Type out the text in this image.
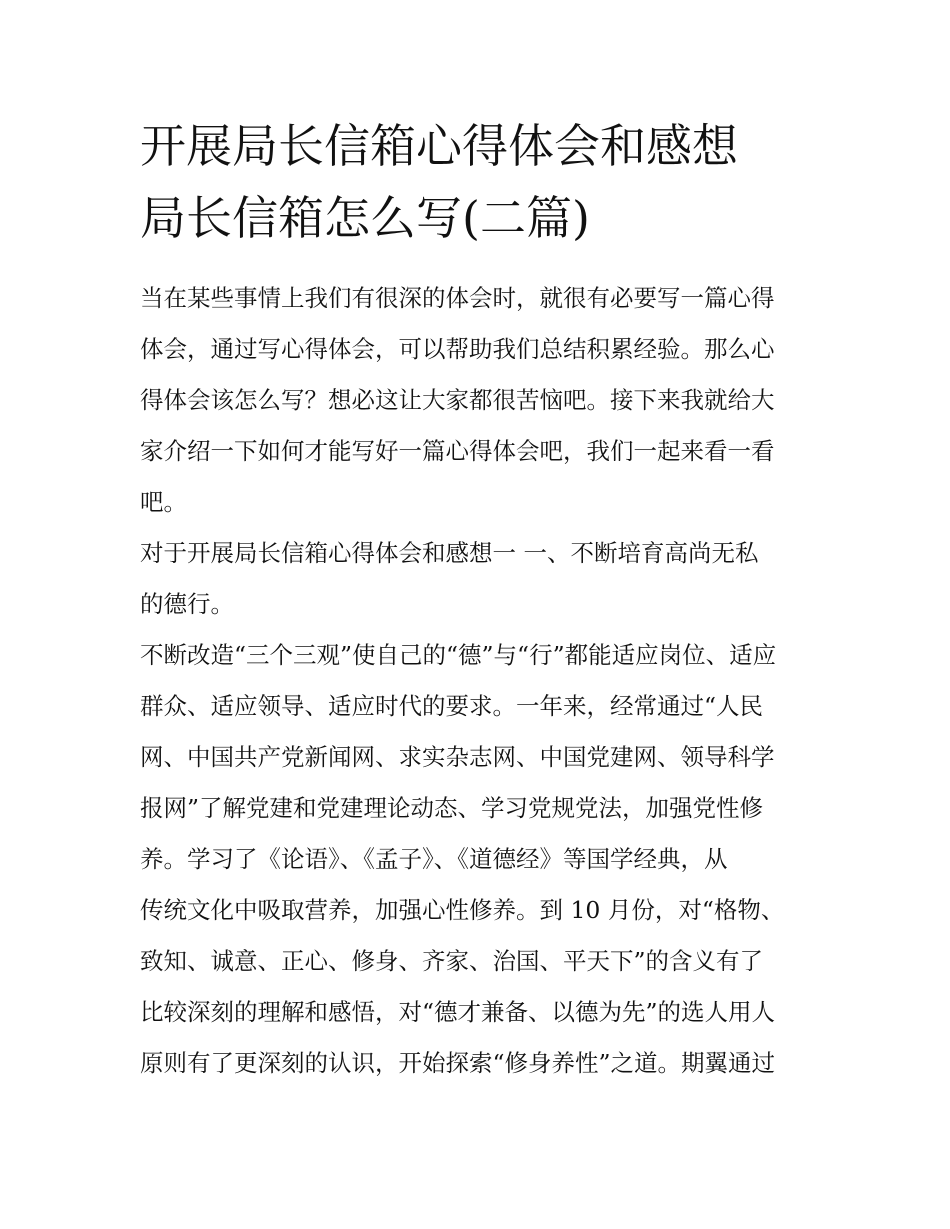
开展局长信箱心得体会和感想
局长信箱怎么写(二篇)
当在某些事情上我们有很深的体会时，就很有必要写一篇心得
体会，通过写心得体会，可以帮助我们总结积累经验。那么心
得体会该怎么写？想必这让大家都很苦恼吧。接下来我就给大
家介绍一下如何才能写好一篇心得体会吧，我们一起来看一看
吧。
对于开展局长信箱心得体会和感想一 一、不断培育高尚无私
的德行。
不断改造“三个三观”使自己的“德”与“行”都能适应岗位、适应
群众、适应领导、适应时代的要求。一年来，经常通过“人民
网、中国共产党新闻网、求实杂志网、中国党建网、领导科学
报网”了解党建和党建理论动态、学习党规党法，加强党性修
养。学习了《论语》、《孟子》、《道德经》等国学经典，从
传统文化中吸取营养，加强心性修养。到 10 月份，对“格物、
致知、诚意、正心、修身、齐家、治国、平天下”的含义有了
比较深刻的理解和感悟，对“德才兼备、以德为先”的选人用人
原则有了更深刻的认识，开始探索“修身养性”之道。期翼通过
